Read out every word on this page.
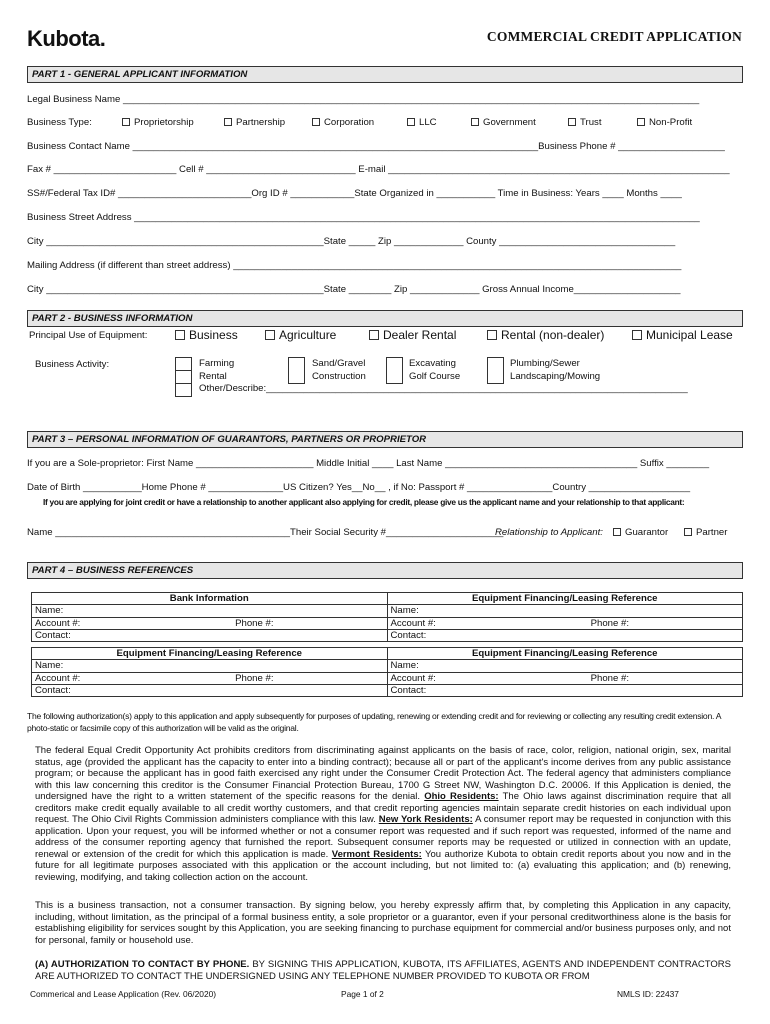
Kubota.	COMMERCIAL CREDIT APPLICATION
PART 1 - GENERAL APPLICANT INFORMATION
Legal Business Name ____________________________________________________________________________________________________________
Business Type:	Proprietorship	Partnership	Corporation	LLC	Government	Trust	Non-Profit
Business Contact Name ____________________________________________________________________________Business Phone # ____________________
Fax # _______________________ Cell # ____________________________ E-mail ________________________________________________________________
SS#/Federal Tax ID# _________________________Org ID # ____________State Organized in ___________ Time in Business: Years ____ Months ____
Business Street Address __________________________________________________________________________________________________________
City ____________________________________________________State _____ Zip _____________ County _________________________________
Mailing Address (if different than street address) ____________________________________________________________________________________
City ____________________________________________________State ________ Zip _____________ Gross Annual Income____________________
PART 2 - BUSINESS INFORMATION
Principal Use of Equipment:	Business	Agriculture	Dealer Rental	Rental (non-dealer)	Municipal Lease
Business Activity:	Farming
Rental
Other/Describe:_______________________________________________________________________________
Sand/Gravel
Construction
Excavating
Golf Course
Plumbing/Sewer
Landscaping/Mowing
PART 3 – PERSONAL INFORMATION OF GUARANTORS, PARTNERS OR PROPRIETOR
If you are a Sole-proprietor: First Name ______________________ Middle Initial ____ Last Name ____________________________________ Suffix ________
Date of Birth ___________Home Phone # ______________US Citizen? Yes__No__ , if No: Passport # ________________Country ___________________
If you are applying for joint credit or have a relationship to another applicant also applying for credit, please give us the applicant name and your relationship to that applicant:
Name ____________________________________________Their Social Security #______________________
Relationship to Applicant:	Guarantor	Partner
PART 4 – BUSINESS REFERENCES
Bank Information	Equipment Financing/Leasing Reference
Name:	Name:

Account #: Phone #:	Account #: Phone #:

Contact:	Contact:
Equipment Financing/Leasing Reference	Equipment Financing/Leasing Reference
Name:	Name:

Account #: Phone #:	Account #: Phone #:

Contact:	Contact:
The following authorization(s) apply to this application and apply subsequently for purposes of updating, renewing or extending credit and for reviewing or collecting any resulting credit extension. A photo-static or facsimile copy of this authorization will be valid as the original.
The federal Equal Credit Opportunity Act prohibits creditors from discriminating against applicants on the basis of race, color, religion, national origin, sex, marital status, age (provided the applicant has the capacity to enter into a binding contract); because all or part of the applicant's income derives from any public assistance program; or because the applicant has in good faith exercised any right under the Consumer Credit Protection Act. The federal agency that administers compliance with this law concerning this creditor is the Consumer Financial Protection Bureau, 1700 G Street NW, Washington D.C. 20006. If this Application is denied, the undersigned have the right to a written statement of the specific reasons for the denial. Ohio Residents: The Ohio laws against discrimination require that all creditors make credit equally available to all credit worthy customers, and that credit reporting agencies maintain separate credit histories on each individual upon request. The Ohio Civil Rights Commission administers compliance with this law. New York Residents: A consumer report may be requested in conjunction with this application. Upon your request, you will be informed whether or not a consumer report was requested and if such report was requested, informed of the name and address of the consumer reporting agency that furnished the report. Subsequent consumer reports may be requested or utilized in connection with an update, renewal or extension of the credit for which this application is made. Vermont Residents: You authorize Kubota to obtain credit reports about you now and in the future for all legitimate purposes associated with this application or the account including, but not limited to: (a) evaluating this application; and (b) renewing, reviewing, modifying, and taking collection action on the account.
This is a business transaction, not a consumer transaction. By signing below, you hereby expressly affirm that, by completing this Application in any capacity, including, without limitation, as the principal of a formal business entity, a sole proprietor or a guarantor, even if your personal creditworthiness alone is the basis for establishing eligibility for services sought by this Application, you are seeking financing to purchase equipment for commercial and/or business purposes only, and not for personal, family or household use.
(A) AUTHORIZATION TO CONTACT BY PHONE. BY SIGNING THIS APPLICATION, KUBOTA, ITS AFFILIATES, AGENTS AND INDEPENDENT CONTRACTORS ARE AUTHORIZED TO CONTACT THE UNDERSIGNED USING ANY TELEPHONE NUMBER PROVIDED TO KUBOTA OR FROM
Commerical and Lease Application (Rev. 06/2020)	Page 1 of 2	NMLS ID: 22437
